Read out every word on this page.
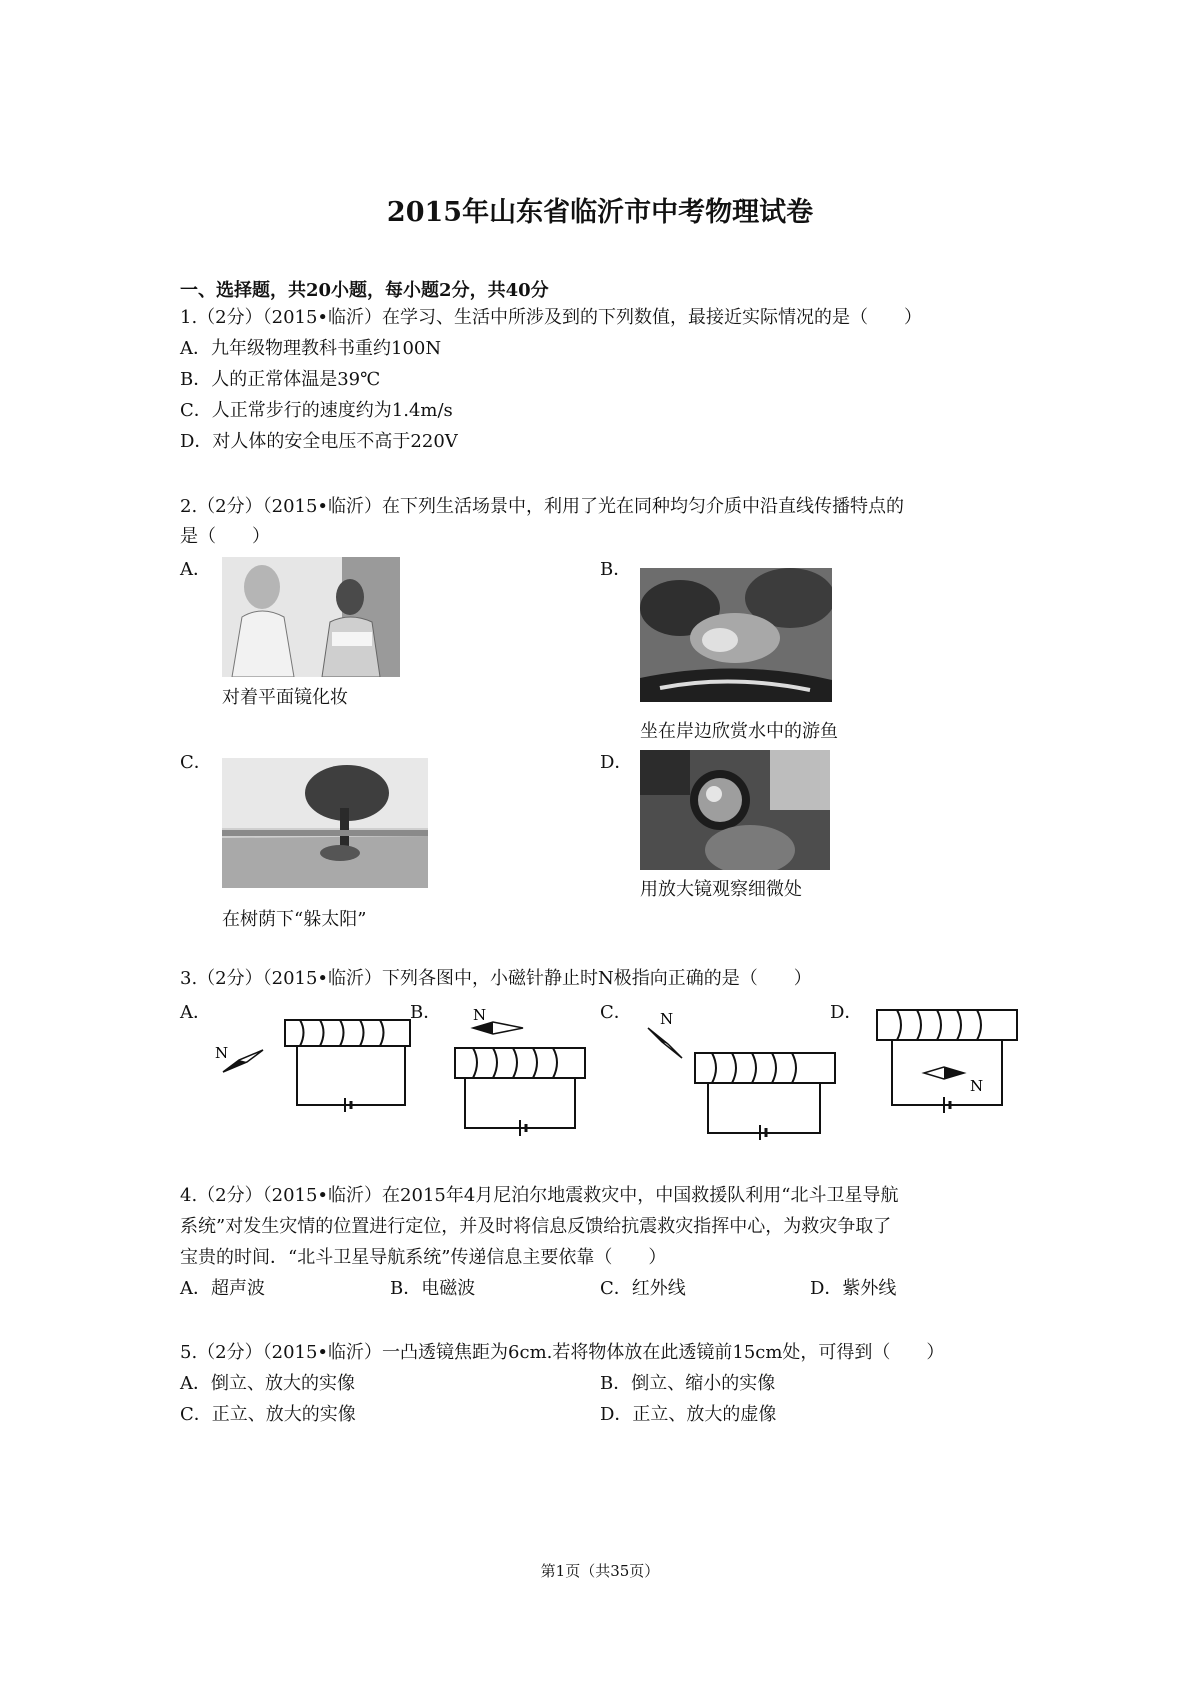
2015年山东省临沂市中考物理试卷
一、选择题，共20小题，每小题2分，共40分
1.（2分）（2015•临沂）在学习、生活中所涉及到的下列数值，最接近实际情况的是（　　）
A．九年级物理教科书重约100N
B．人的正常体温是39℃
C．人正常步行的速度约为1.4m/s
D．对人体的安全电压不高于220V
2.（2分）（2015•临沂）在下列生活场景中，利用了光在同种均匀介质中沿直线传播特点的
是（　　）
A．
对着平面镜化妆
B．
坐在岸边欣赏水中的游鱼
C．
在树荫下“躲太阳”
D．
用放大镜观察细微处
3.（2分）（2015•临沂）下列各图中，小磁针静止时N极指向正确的是（　　）
A．
N
B． N	C． N	D．
N
4.（2分）（2015•临沂）在2015年4月尼泊尔地震救灾中，中国救援队利用“北斗卫星导航
系统”对发生灾情的位置进行定位，并及时将信息反馈给抗震救灾指挥中心，为救灾争取了
宝贵的时间．“北斗卫星导航系统”传递信息主要依靠（　　）
A．超声波	B．电磁波	C．红外线	D．紫外线
5.（2分）（2015•临沂）一凸透镜焦距为6cm.若将物体放在此透镜前15cm处，可得到（　　）
A．倒立、放大的实像	B．倒立、缩小的实像
C．正立、放大的实像	D．正立、放大的虚像
第1页（共35页）
